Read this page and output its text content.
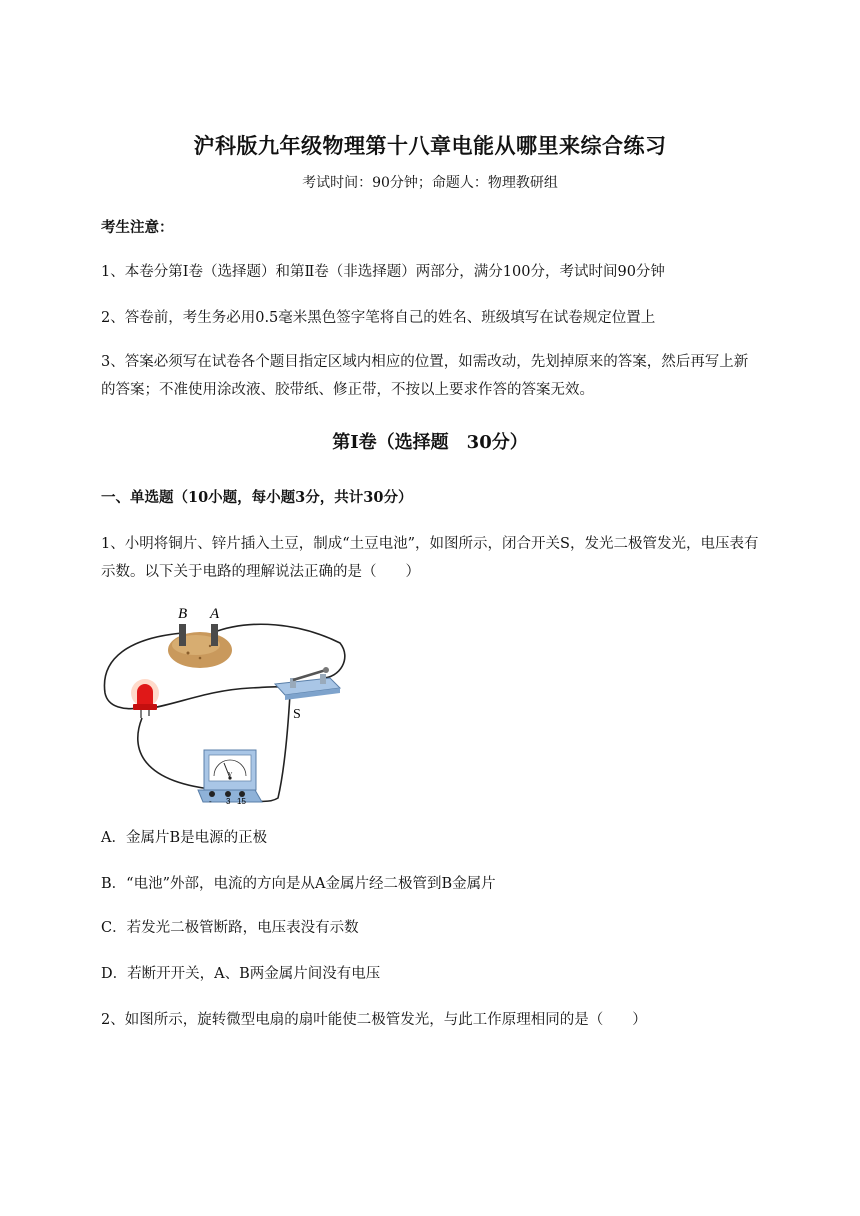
沪科版九年级物理第十八章电能从哪里来综合练习
考试时间：90分钟；命题人：物理教研组
考生注意：
1、本卷分第Ⅰ卷（选择题）和第Ⅱ卷（非选择题）两部分，满分100分，考试时间90分钟
2、答卷前，考生务必用0.5毫米黑色签字笔将自己的姓名、班级填写在试卷规定位置上
3、答案必须写在试卷各个题目指定区域内相应的位置，如需改动，先划掉原来的答案，然后再写上新的答案；不准使用涂改液、胶带纸、修正带，不按以上要求作答的答案无效。
第Ⅰ卷（选择题　30分）
一、单选题（10小题，每小题3分，共计30分）
1、小明将铜片、锌片插入土豆，制成“土豆电池”，如图所示，闭合开关S，发光二极管发光，电压表有示数。以下关于电路的理解说法正确的是（　　）
B A
S
V
- 3 15
A．金属片B是电源的正极
B．“电池”外部，电流的方向是从A金属片经二极管到B金属片
C．若发光二极管断路，电压表没有示数
D．若断开开关，A、B两金属片间没有电压
2、如图所示，旋转微型电扇的扇叶能使二极管发光，与此工作原理相同的是（　　）
